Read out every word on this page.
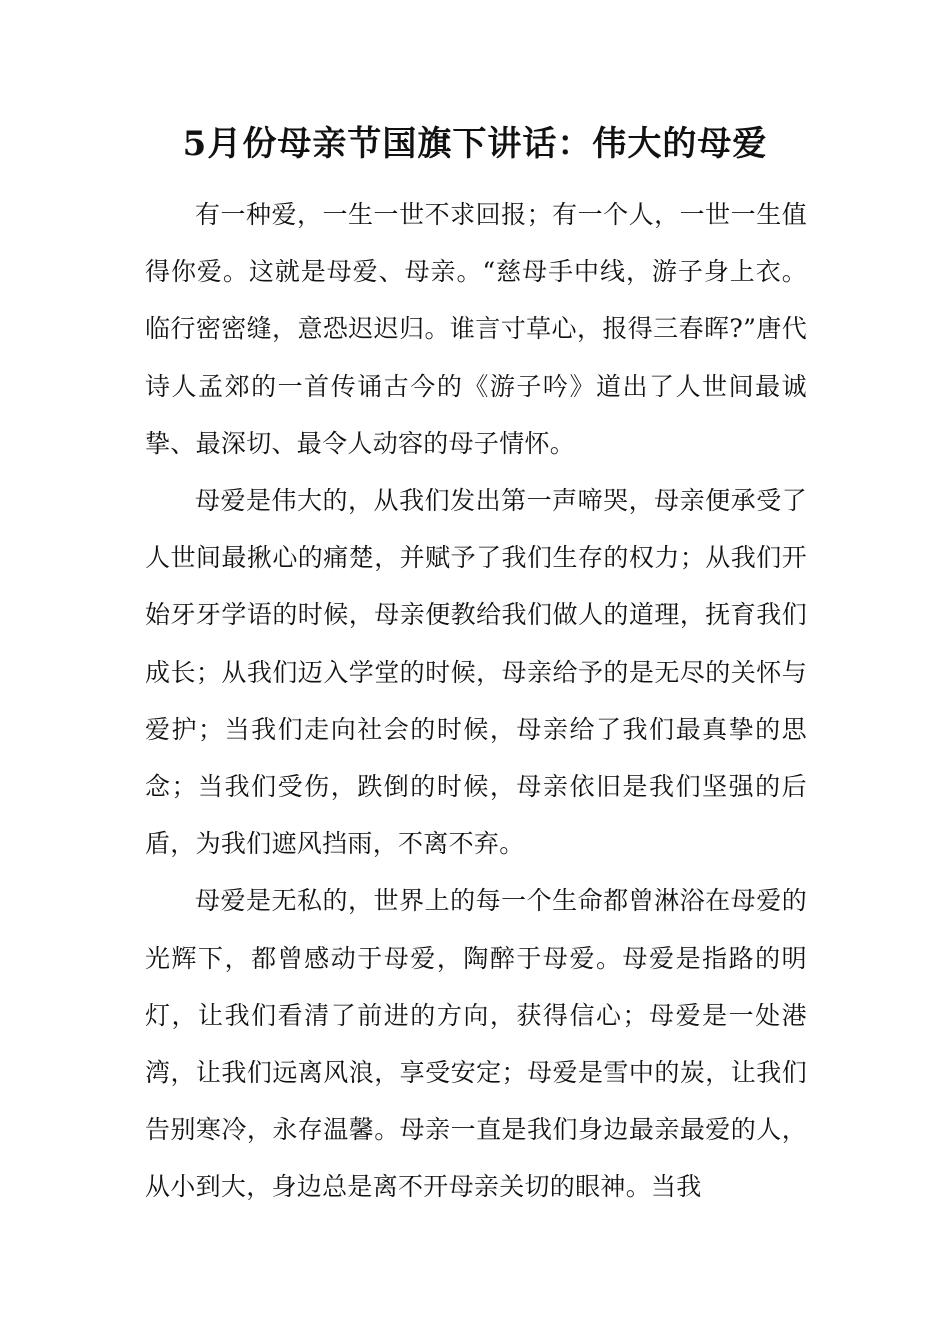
5月份母亲节国旗下讲话：伟大的母爱

有一种爱，一生一世不求回报；有一个人，一世一生值得你爱。这就是母爱、母亲。“慈母手中线，游子身上衣。临行密密缝，意恐迟迟归。谁言寸草心，报得三春晖?”唐代诗人孟郊的一首传诵古今的《游子吟》道出了人世间最诚挚、最深切、最令人动容的母子情怀。

母爱是伟大的，从我们发出第一声啼哭，母亲便承受了人世间最揪心的痛楚，并赋予了我们生存的权力；从我们开始牙牙学语的时候，母亲便教给我们做人的道理，抚育我们成长；从我们迈入学堂的时候，母亲给予的是无尽的关怀与爱护；当我们走向社会的时候，母亲给了我们最真挚的思念；当我们受伤，跌倒的时候，母亲依旧是我们坚强的后盾，为我们遮风挡雨，不离不弃。

母爱是无私的，世界上的每一个生命都曾淋浴在母爱的光辉下，都曾感动于母爱，陶醉于母爱。母爱是指路的明灯，让我们看清了前进的方向，获得信心；母爱是一处港湾，让我们远离风浪，享受安定；母爱是雪中的炭，让我们告别寒冷，永存温馨。母亲一直是我们身边最亲最爱的人，从小到大，身边总是离不开母亲关切的眼神。当我
